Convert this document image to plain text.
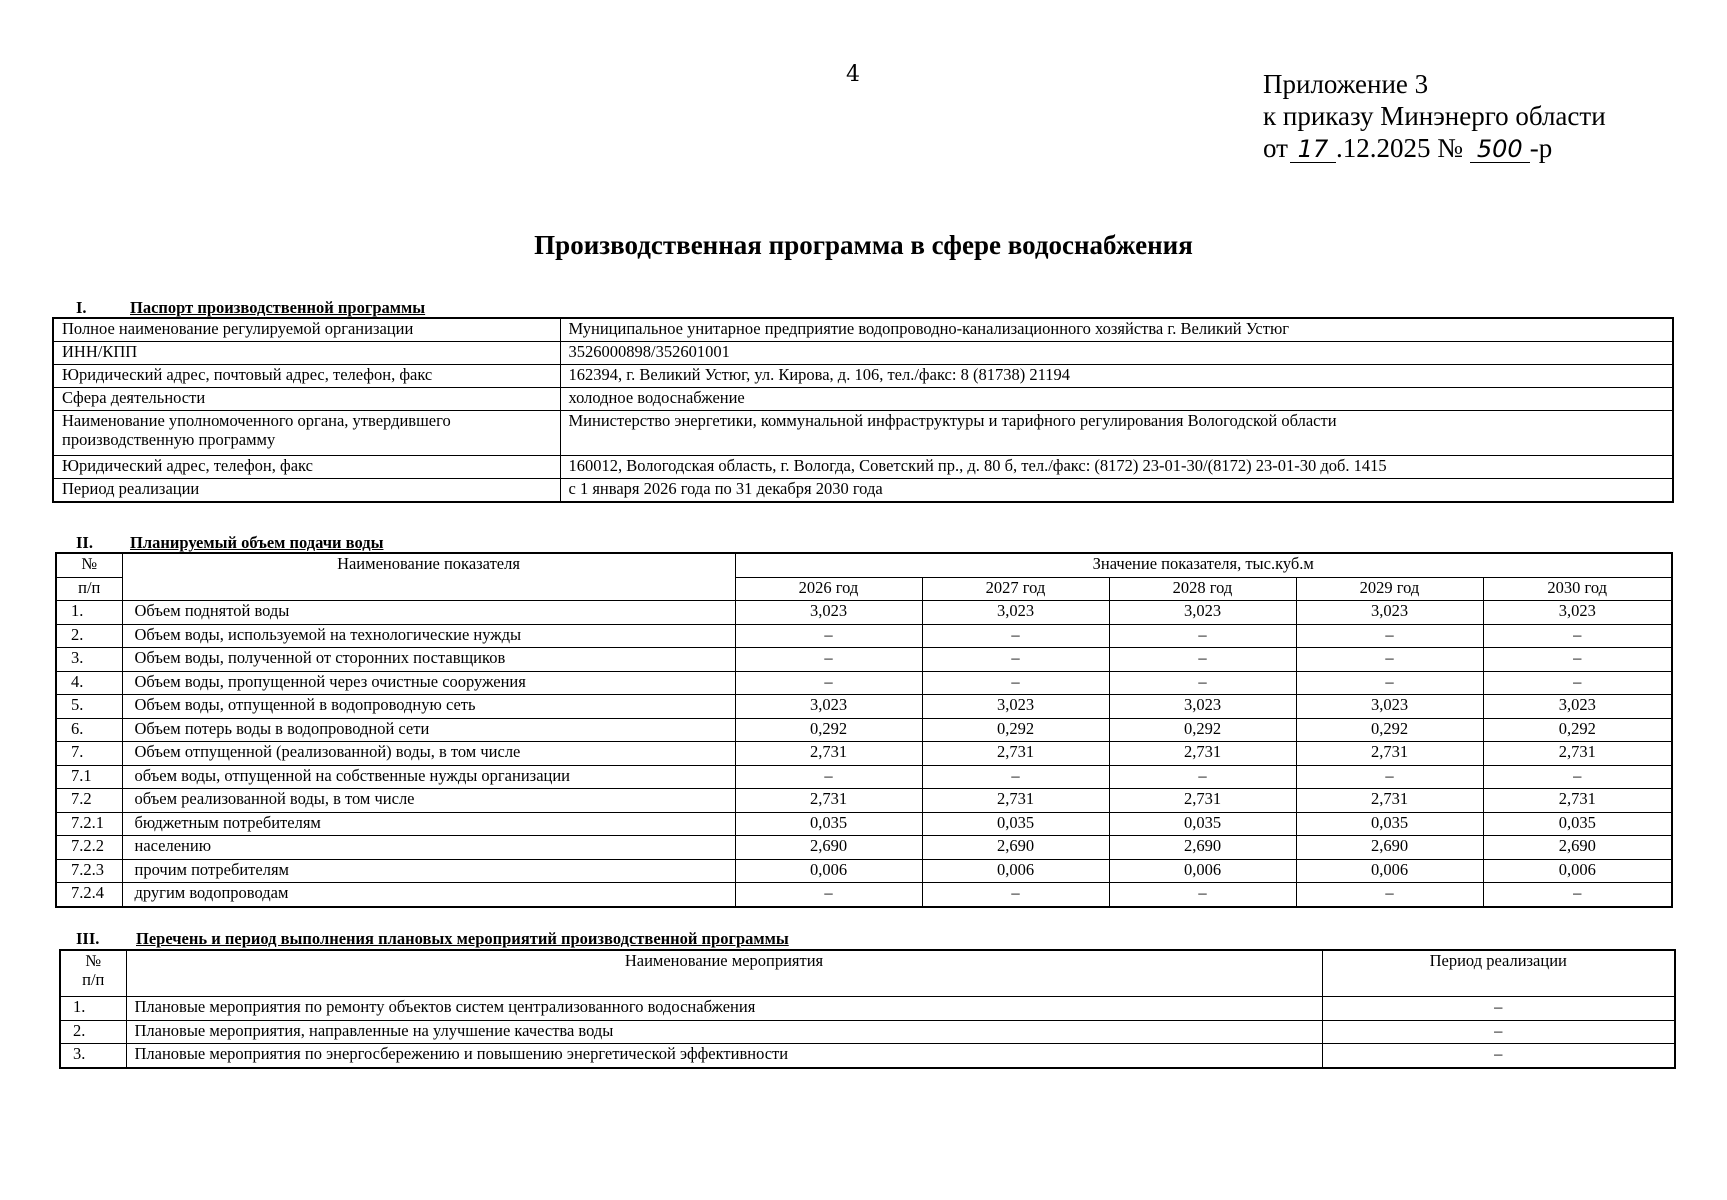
4	Приложение 3
к приказу Минэнерго области
от 17 .12.2025 № 500 -р
Производственная программа в сфере водоснабжения
I.	Паспорт производственной программы
Полное наименование регулируемой организации	Муниципальное унитарное предприятие водопроводно-канализационного хозяйства г. Великий Устюг
ИНН/КПП	3526000898/352601001
Юридический адрес, почтовый адрес, телефон, факс	162394, г. Великий Устюг, ул. Кирова, д. 106, тел./факс: 8 (81738) 21194
Сфера деятельности	холодное водоснабжение
Наименование уполномоченного органа, утвердившего производственную программу	Министерство энергетики, коммунальной инфраструктуры и тарифного регулирования Вологодской области
Юридический адрес, телефон, факс	160012, Вологодская область, г. Вологда, Советский пр., д. 80 б, тел./факс: (8172) 23-01-30/(8172) 23-01-30 доб. 1415
Период реализации	с 1 января 2026 года по 31 декабря 2030 года
II. Планируемый объем подачи воды
№	Наименование показателя	Значение показателя, тыс.куб.м				
п/п		2026 год	2027 год	2028 год	2029 год	2030 год
1.	Объем поднятой воды	3,023	3,023	3,023	3,023	3,023
2.	Объем воды, используемой на технологические нужды	–	–	–	–	–
3.	Объем воды, полученной от сторонних поставщиков	–	–	–	–	–
4.	Объем воды, пропущенной через очистные сооружения	–	–	–	–	–
5.	Объем воды, отпущенной в водопроводную сеть	3,023	3,023	3,023	3,023	3,023
6.	Объем потерь воды в водопроводной сети	0,292	0,292	0,292	0,292	0,292
7.	Объем отпущенной (реализованной) воды, в том числе	2,731	2,731	2,731	2,731	2,731
7.1	объем воды, отпущенной на собственные нужды организации	–	–	–	–	–
7.2	объем реализованной воды, в том числе	2,731	2,731	2,731	2,731	2,731
7.2.1	бюджетным потребителям	0,035	0,035	0,035	0,035	0,035
7.2.2	населению	2,690	2,690	2,690	2,690	2,690
7.2.3	прочим потребителям	0,006	0,006	0,006	0,006	0,006
7.2.4	другим водопроводам	–	–	–	–	–
III. Перечень и период выполнения плановых мероприятий производственной программы
№
п/п	Наименование мероприятия	Период реализации
1.	Плановые мероприятия по ремонту объектов систем централизованного водоснабжения	–
2.	Плановые мероприятия, направленные на улучшение качества воды	–
3.	Плановые мероприятия по энергосбережению и повышению энергетической эффективности	–
